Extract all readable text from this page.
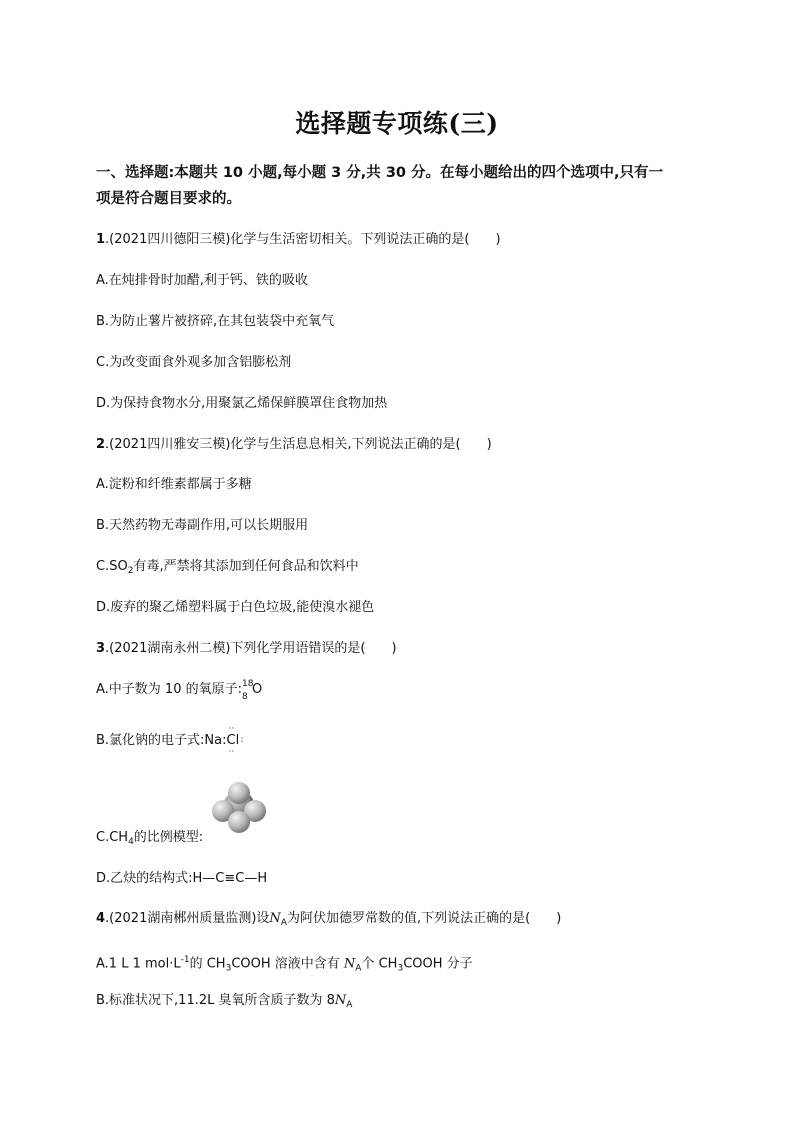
选择题专项练(三)
一、选择题:本题共 10 小题,每小题 3 分,共 30 分。在每小题给出的四个选项中,只有一
项是符合题目要求的。
1.(2021四川德阳三模)化学与生活密切相关。下列说法正确的是( )
A.在炖排骨时加醋,利于钙、铁的吸收
B.为防止薯片被挤碎,在其包装袋中充氧气
C.为改变面食外观多加含铝膨松剂
D.为保持食物水分,用聚氯乙烯保鲜膜罩住食物加热
2.(2021四川雅安三模)化学与生活息息相关,下列说法正确的是( )
A.淀粉和纤维素都属于多糖
B.天然药物无毒副作用,可以长期服用
$C.SO_2$有毒,严禁将其添加到任何食品和饮料中
D.废弃的聚乙烯塑料属于白色垃圾,能使溴水褪色
3.(2021湖南永州二模)下列化学用语错误的是( )
A.中子数为 10 的氧原子: 18
8 O
B.氯化钠的电子式:Na:Cl
··
··
:
$C.CH_4$的比例模型:
D.乙炔的结构式:H—C≡C—H
4.(2021湖南郴州质量监测)设$N_A$为阿伏加德罗常数的值,下列说法正确的是( )
A.1 L 1 $mol\cdot L^{-1}$的 $CH_3COOH$ 溶液中含有 $N_A$个 $CH_3COOH$ 分子
B.标准状况下,11.2L 臭氧所含质子数为 $8N_A$
